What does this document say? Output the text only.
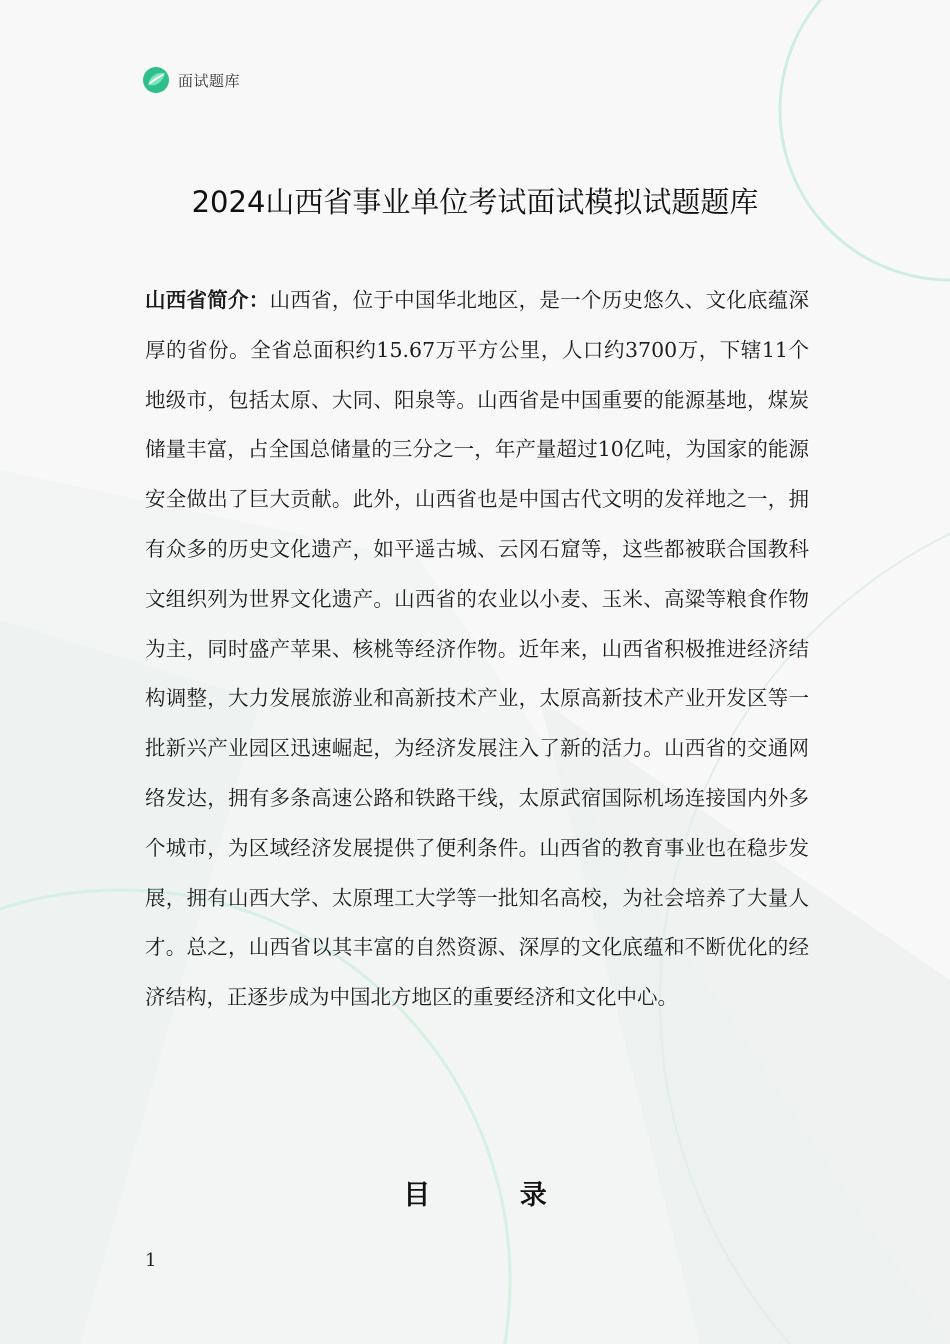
面试题库
2024山西省事业单位考试面试模拟试题题库

山西省简介：山西省，位于中国华北地区，是一个历史悠久、文化底蕴深厚的省份。全省总面积约15.67万平方公里，人口约3700万，下辖11个地级市，包括太原、大同、阳泉等。山西省是中国重要的能源基地，煤炭储量丰富，占全国总储量的三分之一，年产量超过10亿吨，为国家的能源安全做出了巨大贡献。此外，山西省也是中国古代文明的发祥地之一，拥有众多的历史文化遗产，如平遥古城、云冈石窟等，这些都被联合国教科文组织列为世界文化遗产。山西省的农业以小麦、玉米、高粱等粮食作物为主，同时盛产苹果、核桃等经济作物。近年来，山西省积极推进经济结构调整，大力发展旅游业和高新技术产业，太原高新技术产业开发区等一批新兴产业园区迅速崛起，为经济发展注入了新的活力。山西省的交通网络发达，拥有多条高速公路和铁路干线，太原武宿国际机场连接国内外多个城市，为区域经济发展提供了便利条件。山西省的教育事业也在稳步发展，拥有山西大学、太原理工大学等一批知名高校，为社会培养了大量人才。总之，山西省以其丰富的自然资源、深厚的文化底蕴和不断优化的经济结构，正逐步成为中国北方地区的重要经济和文化中心。

目 录
1
